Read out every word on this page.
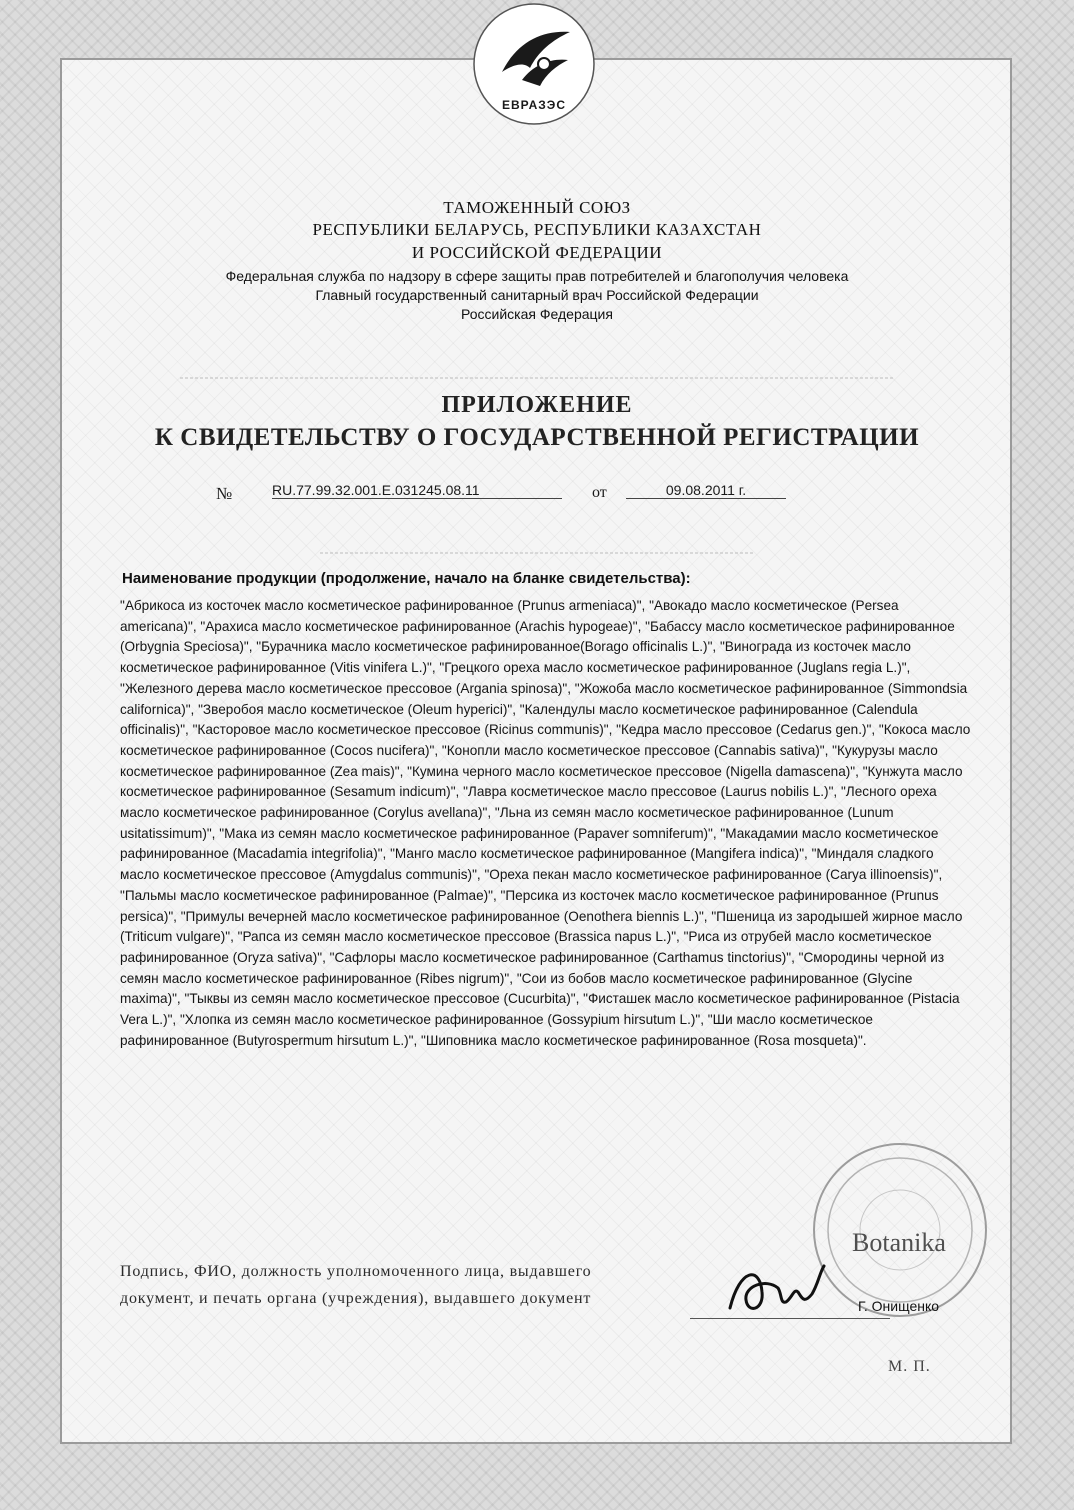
ЕВРАЗЭС
ТАМОЖЕННЫЙ СОЮЗ
РЕСПУБЛИКИ БЕЛАРУСЬ, РЕСПУБЛИКИ КАЗАХСТАН
И РОССИЙСКОЙ ФЕДЕРАЦИИ
Федеральная служба по надзору в сфере защиты прав потребителей и благополучия человека
Главный государственный санитарный врач Российской Федерации
Российская Федерация
ПРИЛОЖЕНИЕ
К СВИДЕТЕЛЬСТВУ О ГОСУДАРСТВЕННОЙ РЕГИСТРАЦИИ
№	RU.77.99.32.001.Е.031245.08.11	от	09.08.2011 г.
Наименование продукции (продолжение, начало на бланке свидетельства):
"Абрикоса из косточек масло косметическое рафинированное (Prunus armeniaca)", "Авокадо масло косметическое (Persea americana)", "Арахиса масло косметическое рафинированное (Arachis hypogeae)", "Бабассу масло косметическое рафинированное (Orbygnia Speciosa)", "Бурачника масло косметическое рафинированное(Borago officinalis L.)", "Винограда из косточек масло косметическое рафинированное (Vitis vinifera L.)", "Грецкого ореха масло косметическое рафинированное (Juglans regia L.)", "Железного дерева масло косметическое прессовое (Argania spinosa)", "Жожоба масло косметическое рафинированное (Simmondsia californica)", "Зверобоя масло косметическое (Oleum hyperici)", "Календулы масло косметическое рафинированное (Calendula officinalis)", "Касторовое масло косметическое прессовое (Ricinus communis)", "Кедра масло прессовое (Cedarus gen.)", "Кокоса масло косметическое рафинированное (Cocos nucifera)", "Конопли масло косметическое прессовое (Cannabis sativa)", "Кукурузы масло косметическое рафинированное (Zea mais)", "Кумина черного масло косметическое прессовое (Nigella damascena)", "Кунжута масло косметическое рафинированное (Sesamum indicum)", "Лавра косметическое масло прессовое (Laurus nobilis L.)", "Лесного ореха масло косметическое рафинированное (Corylus avellana)", "Льна из семян масло косметическое рафинированное (Lunum usitatissimum)", "Мака из семян масло косметическое рафинированное (Papaver somniferum)", "Макадамии масло косметическое рафинированное (Macadamia integrifolia)", "Манго масло косметическое рафинированное (Mangifera indica)", "Миндаля сладкого масло косметическое прессовое (Amygdalus communis)", "Ореха пекан масло косметическое рафинированное (Carya illinoensis)", "Пальмы масло косметическое рафинированное (Palmae)", "Персика из косточек масло косметическое рафинированное (Prunus persica)", "Примулы вечерней масло косметическое рафинированное (Oenothera biennis L.)", "Пшеница из зародышей жирное масло (Triticum vulgare)", "Рапса из семян масло косметическое прессовое (Brassica napus L.)", "Риса из отрубей масло косметическое рафинированное (Oryza sativa)", "Сафлоры масло косметическое рафинированное (Carthamus tinctorius)", "Смородины черной из семян масло косметическое рафинированное (Ribes nigrum)", "Сои из бобов масло косметическое рафинированное (Glycine maxima)", "Тыквы из семян масло косметическое прессовое (Cucurbita)", "Фисташек масло косметическое рафинированное (Pistacia Vera L.)", "Хлопка из семян масло косметическое рафинированное (Gossypium hirsutum L.)", "Ши масло косметическое рафинированное (Butyrospermum hirsutum L.)", "Шиповника масло косметическое рафинированное (Rosa mosqueta)".
Botanika
Подпись, ФИО, должность уполномоченного лица, выдавшего документ, и печать органа (учреждения), выдавшего документ	Г. Онищенко
М. П.
